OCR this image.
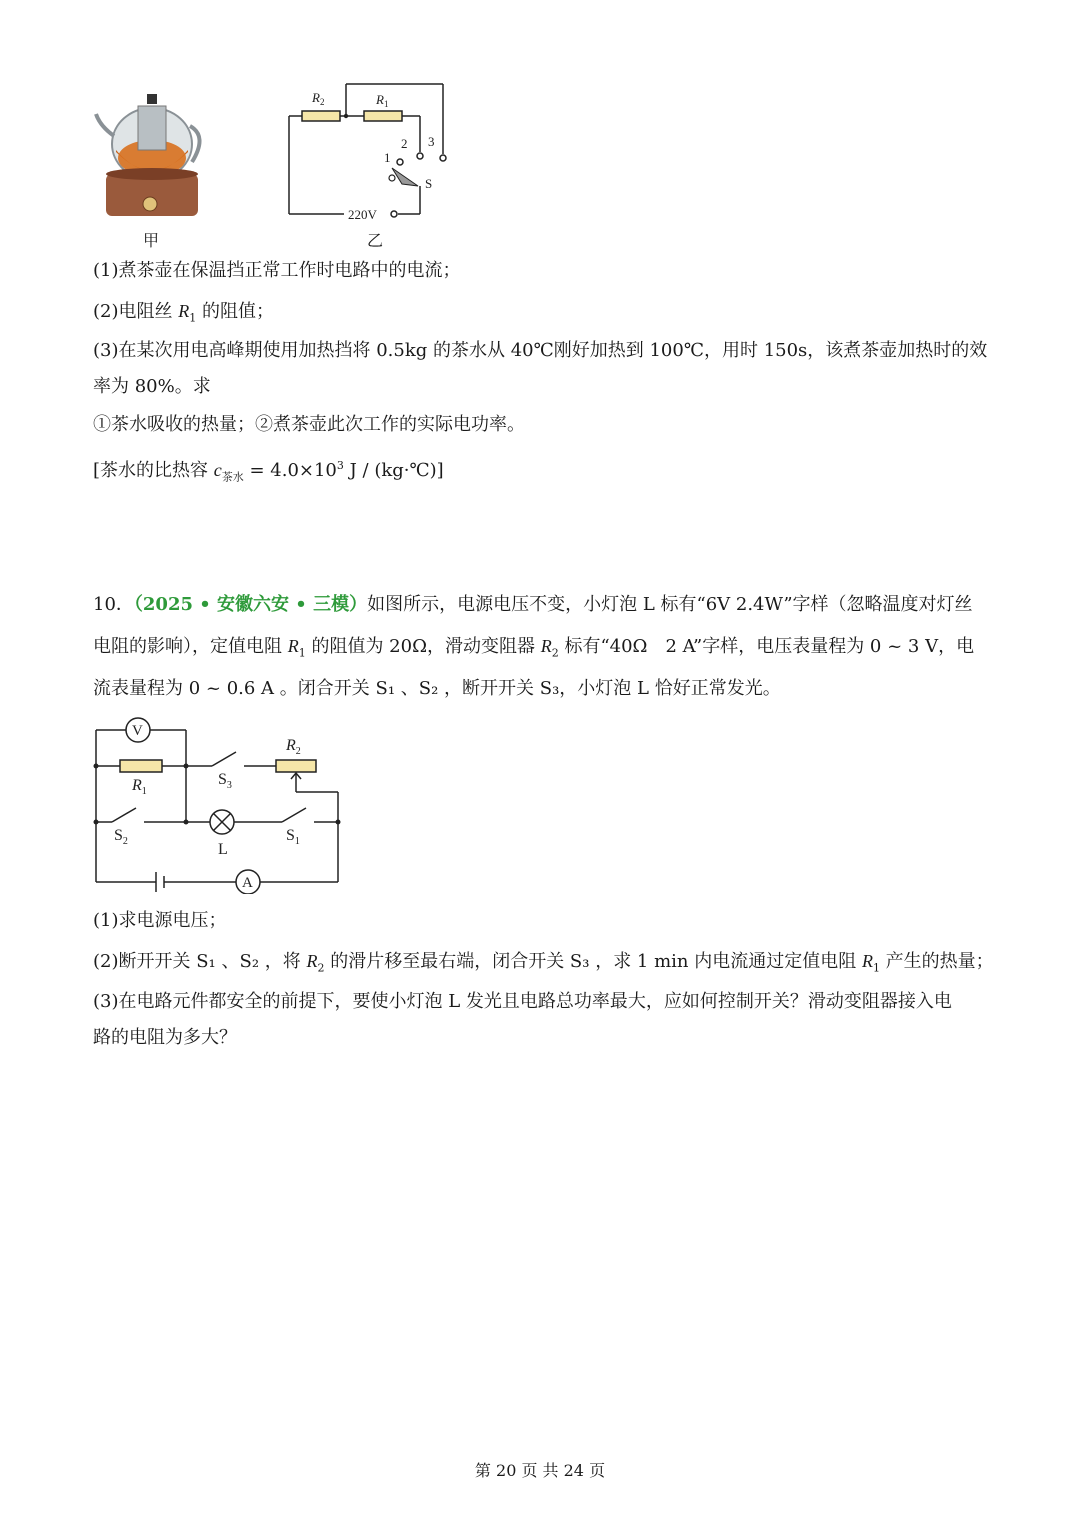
甲
$R_2$	$R_1$
1
2 3
S
220V
乙
(1)煮茶壶在保温挡正常工作时电路中的电流；
(2)电阻丝 $R_1$ 的阻值；
(3)在某次用电高峰期使用加热挡将 0.5kg 的茶水从 40℃刚好加热到 100℃，用时 150s，该煮茶壶加热时的效
率为 80%。求
①茶水吸收的热量；②煮茶壶此次工作的实际电功率。
[茶水的比热容 $c_{茶水} = 4.0\times 10^3$ J / (kg·℃)]
10．（2025 • 安徽六安 • 三模）如图所示，电源电压不变，小灯泡 L 标有“6V 2.4W”字样（忽略温度对灯丝
电阻的影响），定值电阻 $R_1$ 的阻值为 20Ω，滑动变阻器 $R_2$ 标有“40Ω　2 A”字样，电压表量程为 0 ~ 3 V，电
流表量程为 0 ~ 0.6 A 。闭合开关 S₁ 、S₂ ，断开开关 S₃，小灯泡 L 恰好正常发光。
V
A
$R_1$
$R_2$
$S_3$
$S_2$	$S_1$
L
(1)求电源电压；
(2)断开开关 S₁ 、S₂ ，将 $R_2$ 的滑片移至最右端，闭合开关 S₃ ，求 1 min 内电流通过定值电阻 $R_1$ 产生的热量；
(3)在电路元件都安全的前提下，要使小灯泡 L 发光且电路总功率最大，应如何控制开关？滑动变阻器接入电
路的电阻为多大？
第 20 页 共 24 页
